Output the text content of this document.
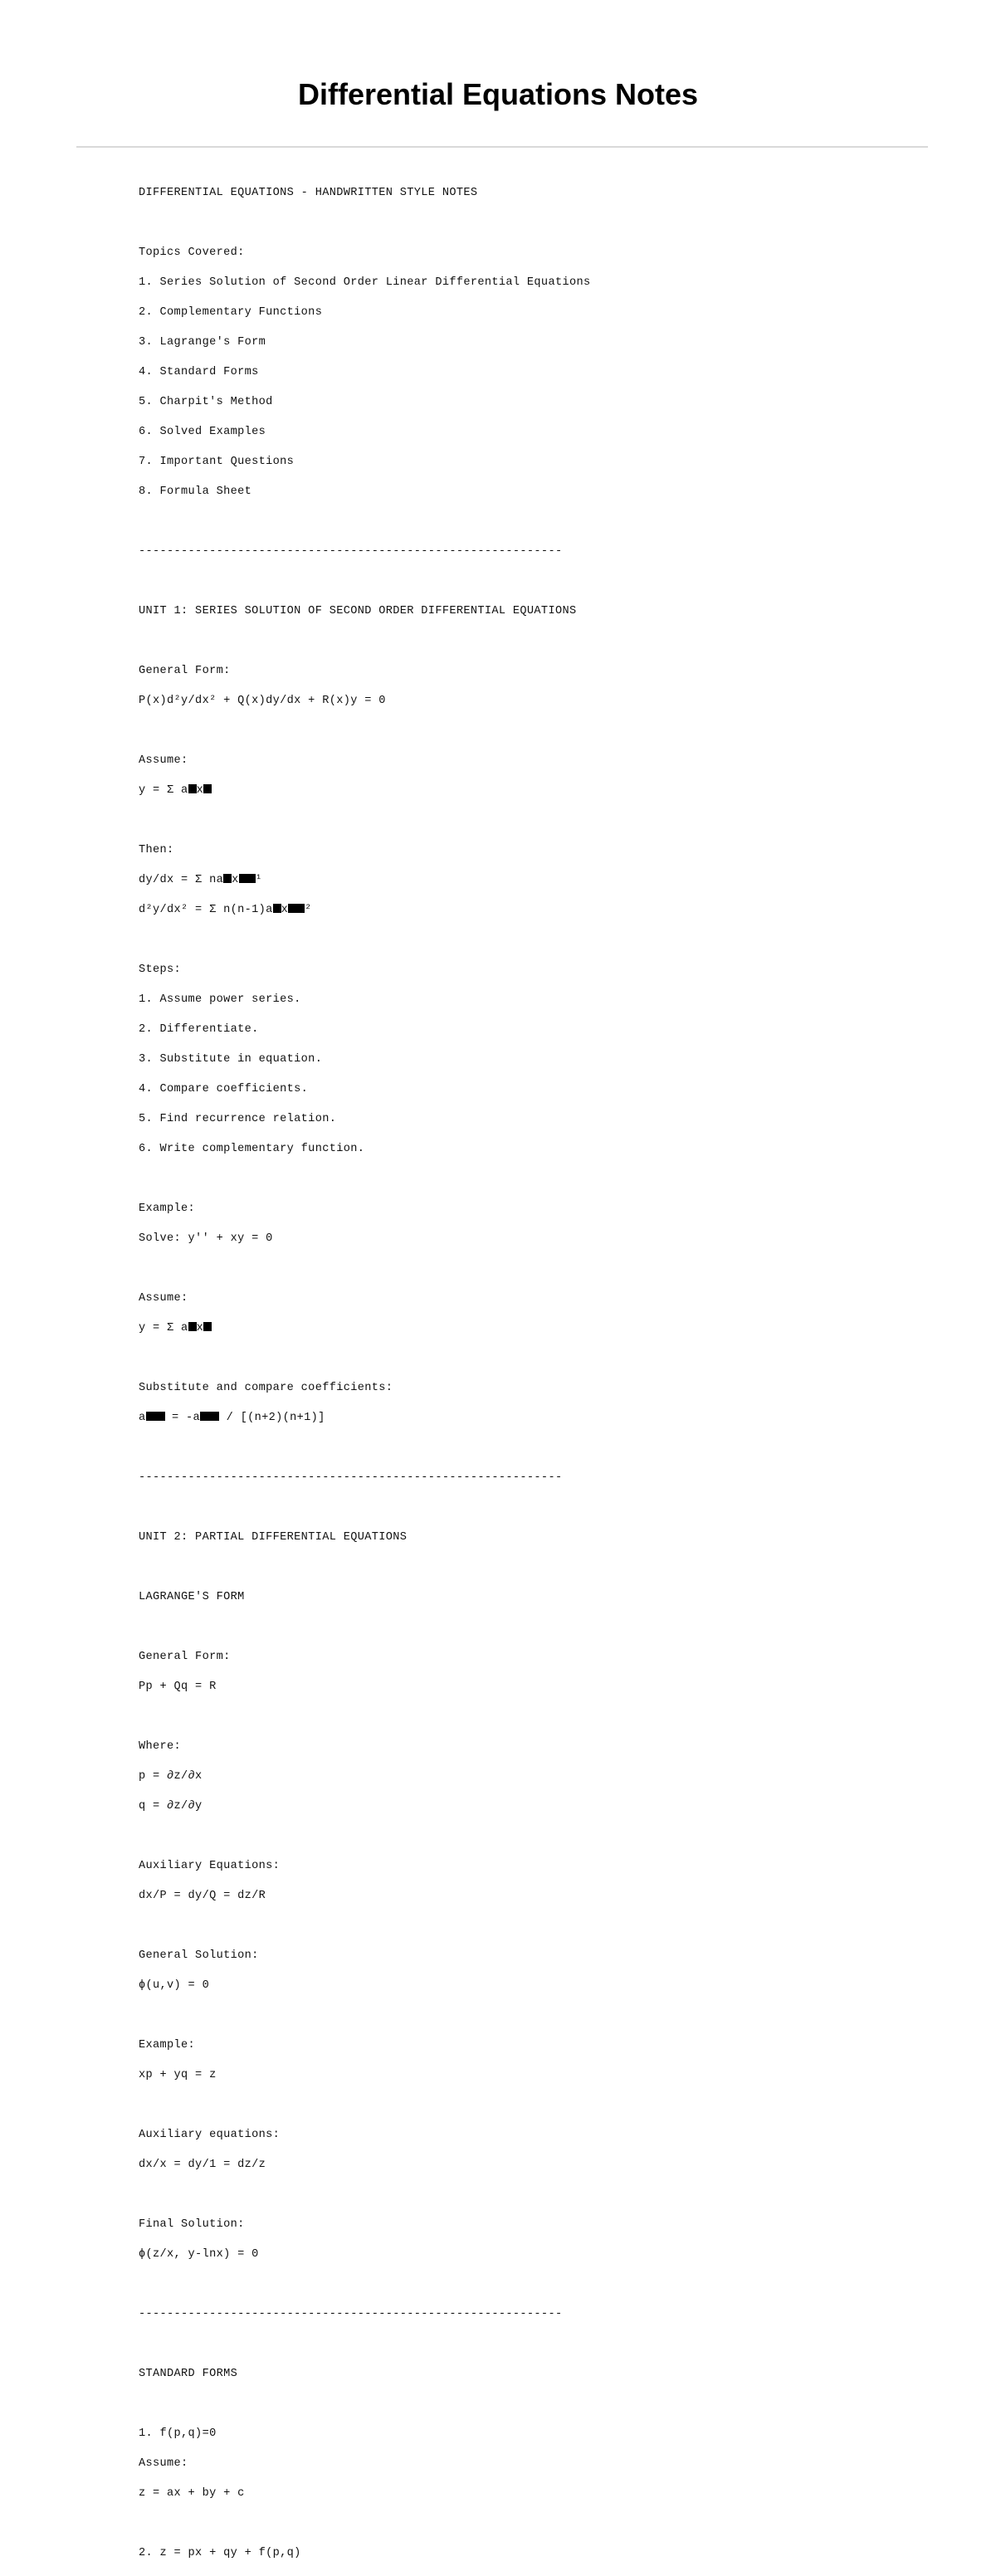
Differential Equations Notes

DIFFERENTIAL EQUATIONS - HANDWRITTEN STYLE NOTES

Topics Covered:

1. Series Solution of Second Order Linear Differential Equations

2. Complementary Functions

3. Lagrange's Form

4. Standard Forms

5. Charpit's Method

6. Solved Examples

7. Important Questions

8. Formula Sheet

------------------------------------------------------------

UNIT 1: SERIES SOLUTION OF SECOND ORDER DIFFERENTIAL EQUATIONS

General Form:

P(x)d²y/dx² + Q(x)dy/dx + R(x)y = 0

Assume:

y = Σ a x

Then:

dy/dx = Σ na x ¹

d²y/dx² = Σ n(n-1)a x ²

Steps:

1. Assume power series.

2. Differentiate.

3. Substitute in equation.

4. Compare coefficients.

5. Find recurrence relation.

6. Write complementary function.

Example:

Solve: y'' + xy = 0

Assume:

y = Σ a x

Substitute and compare coefficients:

a = -a / [(n+2)(n+1)]

------------------------------------------------------------

UNIT 2: PARTIAL DIFFERENTIAL EQUATIONS

LAGRANGE'S FORM

General Form:

Pp + Qq = R

Where:

p = ∂z/∂x

q = ∂z/∂y

Auxiliary Equations:

dx/P = dy/Q = dz/R

General Solution:

ϕ(u,v) = 0

Example:

xp + yq = z

Auxiliary equations:

dx/x = dy/1 = dz/z

Final Solution:

ϕ(z/x, y-lnx) = 0

------------------------------------------------------------

STANDARD FORMS

1. f(p,q)=0

Assume:

z = ax + by + c

2. z = px + qy + f(p,q)
